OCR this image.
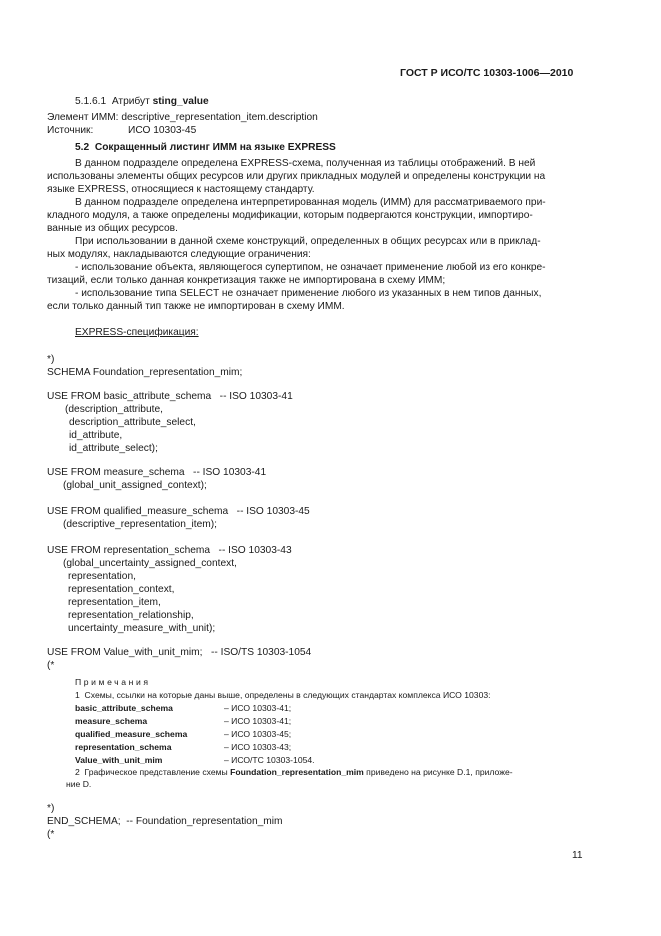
ГОСТ Р ИСО/ТС 10303-1006—2010
5.1.6.1 Атрибут sting_value
Элемент ИММ: descriptive_representation_item.description
Источник:	ИСО 10303-45
5.2 Сокращенный листинг ИММ на языке EXPRESS
В данном подразделе определена EXPRESS-схема, полученная из таблицы отображений. В ней
использованы элементы общих ресурсов или других прикладных модулей и определены конструкции на
языке EXPRESS, относящиеся к настоящему стандарту.
В данном подразделе определена интерпретированная модель (ИММ) для рассматриваемого при-
кладного модуля, а также определены модификации, которым подвергаются конструкции, импортиро-
ванные из общих ресурсов.
При использовании в данной схеме конструкций, определенных в общих ресурсах или в приклад-
ных модулях, накладываются следующие ограничения:
- использование объекта, являющегося супертипом, не означает применение любой из его конкре-
тизаций, если только данная конкретизация также не импортирована в схему ИММ;
- использование типа SELECT не означает применение любого из указанных в нем типов данных,
если только данный тип также не импортирован в схему ИММ.
EXPRESS-спецификация:
*)
SCHEMA Foundation_representation_mim;
USE FROM basic_attribute_schema   -- ISO 10303-41
(description_attribute,
description_attribute_select,
id_attribute,
id_attribute_select);
USE FROM measure_schema   -- ISO 10303-41
(global_unit_assigned_context);
USE FROM qualified_measure_schema   -- ISO 10303-45
(descriptive_representation_item);
USE FROM representation_schema   -- ISO 10303-43
(global_uncertainty_assigned_context,
representation,
representation_context,
representation_item,
representation_relationship,
uncertainty_measure_with_unit);
USE FROM Value_with_unit_mim;   -- ISO/TS 10303-1054
(*
Примечания
1  Схемы, ссылки на которые даны выше, определены в следующих стандартах комплекса ИСО 10303:
basic_attribute_schema	– ИСО 10303-41;
measure_schema	– ИСО 10303-41;
qualified_measure_schema	– ИСО 10303-45;
representation_schema	– ИСО 10303-43;
Value_with_unit_mim	– ИСО/ТС 10303-1054.
2  Графическое представление схемы Foundation_representation_mim приведено на рисунке D.1, приложе-
ние D.
*)
END_SCHEMA;  -- Foundation_representation_mim
(*
11
